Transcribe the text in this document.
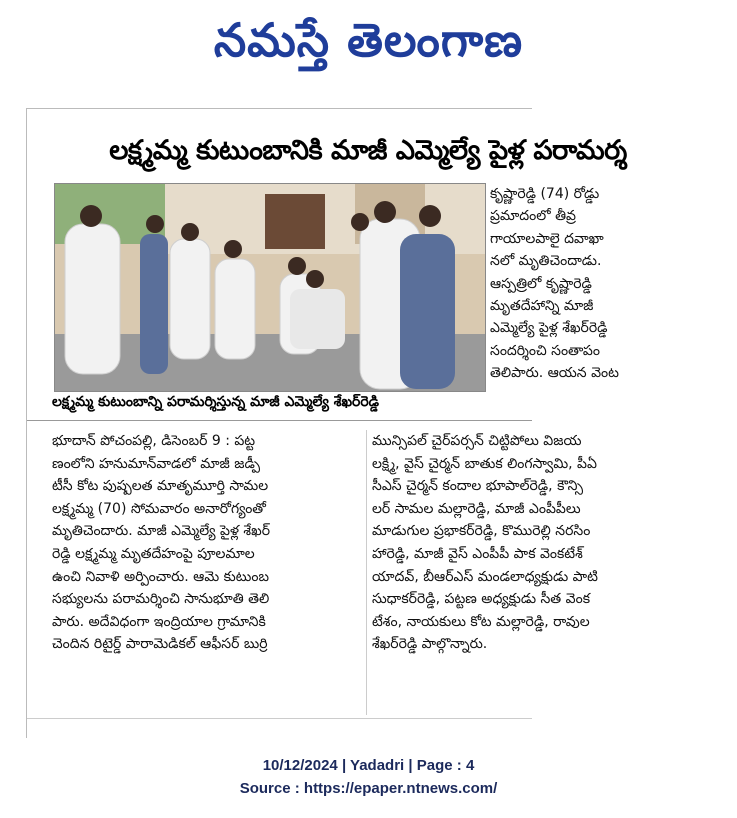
నమస్తే తెలంగాణ
లక్ష్మమ్మ కుటుంబానికి మాజీ ఎమ్మెల్యే పైళ్ల పరామర్శ
లక్ష్మమ్మ కుటుంబాన్ని పరామర్శిస్తున్న మాజీ ఎమ్మెల్యే శేఖర్‌రెడ్డి
కృష్ణారెడ్డి (74) రోడ్డు
ప్రమాదంలో తీవ్ర
గాయాలపాలై దవాఖా
నలో మృతిచెందాడు.
ఆస్పత్రిలో కృష్ణారెడ్డి
మృతదేహాన్ని మాజీ
ఎమ్మెల్యే పైళ్ల శేఖర్‌రెడ్డి
సందర్శించి సంతాపం
తెలిపారు. ఆయన వెంట
భూదాన్ పోచంపల్లి, డిసెంబర్ 9 : పట్ట
ణంలోని హనుమాన్‌వాడలో మాజీ జడ్పీ
టీసీ కోట పుష్పలత మాతృమూర్తి సామల
లక్ష్మమ్మ (70) సోమవారం అనారోగ్యంతో
మృతిచెందారు. మాజీ ఎమ్మెల్యే పైళ్ల శేఖర్
రెడ్డి లక్ష్మమ్మ మృతదేహంపై పూలమాల
ఉంచి నివాళి అర్పించారు. ఆమె కుటుంబ
సభ్యులను పరామర్శించి సానుభూతి తెలి
పారు. అదేవిధంగా ఇంద్రియాల గ్రామానికి
చెందిన రిటైర్డ్ పారామెడికల్ ఆఫీసర్ బుర్రి
మున్సిపల్ చైర్‌పర్సన్ చిట్టిపోలు విజయ
లక్ష్మి, వైస్ చైర్మన్ బాతుక లింగస్వామి, పీఏ
సీఎస్ చైర్మన్ కందాల భూపాల్‌రెడ్డి, కౌన్సి
లర్ సామల మల్లారెడ్డి, మాజీ ఎంపీపీలు
మాడుగుల ప్రభాకర్‌రెడ్డి, కొమురెల్లి నరసిం
హారెడ్డి, మాజీ వైస్ ఎంపీపీ పాక వెంకటేశ్
యాదవ్, బీఆర్‌ఎస్ మండలాధ్యక్షుడు పాటి
సుధాకర్‌రెడ్డి, పట్టణ అధ్యక్షుడు సీత వెంక
టేశం, నాయకులు కోట మల్లారెడ్డి, రావుల
శేఖర్‌రెడ్డి పాల్గొన్నారు.
10/12/2024 | Yadadri | Page : 4
Source : https://epaper.ntnews.com/
